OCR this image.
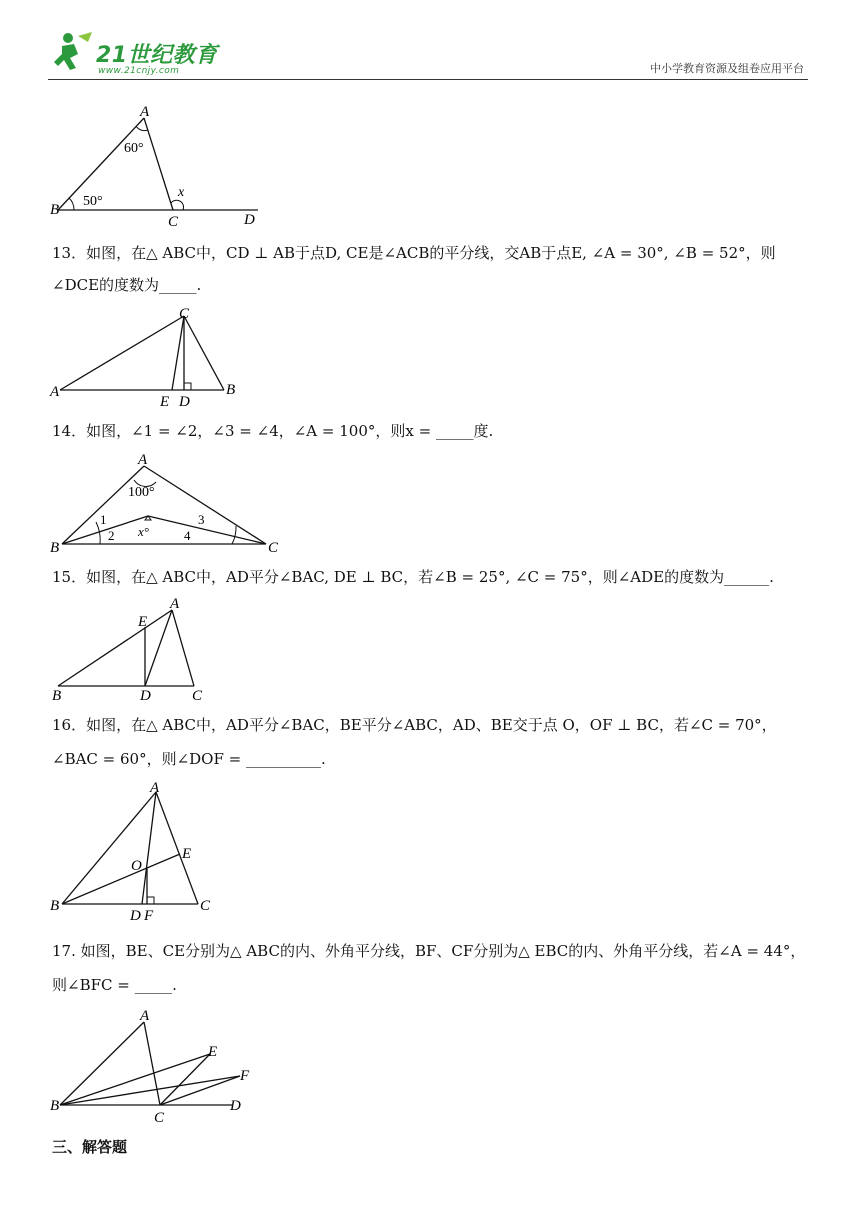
21世纪教育
www.21cnjy.com	中小学教育资源及组卷应用平台
A
B
C	D
60°
50°
x
13．如图，在△ ABC中，CD ⊥ AB于点D, CE是∠ACB的平分线，交AB于点E, ∠A = 30°, ∠B = 52°，则
∠DCE的度数为_____.
C
A	B
E D
14．如图，∠1 = ∠2，∠3 = ∠4，∠A = 100°，则x = _____度.
A
B	C
100°
1
2
3
4
x°
15．如图，在△ ABC中，AD平分∠BAC, DE ⊥ BC，若∠B = 25°, ∠C = 75°，则∠ADE的度数为______.
A
E
B	D	C
16．如图，在△ ABC中，AD平分∠BAC，BE平分∠ABC，AD、BE交于点 O，OF ⊥ BC，若∠C = 70°，
∠BAC = 60°，则∠DOF = __________.
A
B	C
E
O
D F
17. 如图，BE、CE分别为△ ABC的内、外角平分线，BF、CF分别为△ EBC的内、外角平分线，若∠A = 44°，
则∠BFC = _____.
A
B
C
D
E
F
三、解答题
